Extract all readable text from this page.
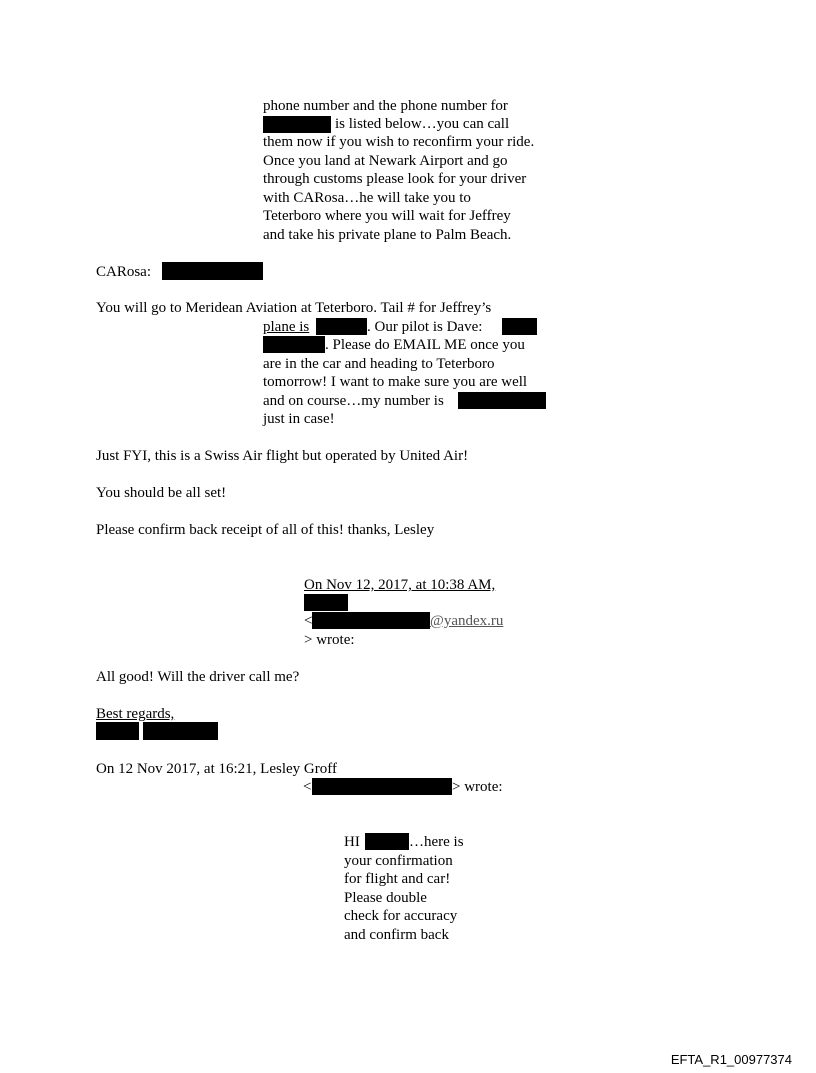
phone number and the phone number for
is listed below…you can call
them now if you wish to reconfirm your ride.
Once you land at Newark Airport and go
through customs please look for your driver
with CARosa…he will take you to
Teterboro where you will wait for Jeffrey
and take his private plane to Palm Beach.
CARosa:
You will go to Meridean Aviation at Teterboro. Tail # for Jeffrey’s
plane is	. Our pilot is Dave:
. Please do EMAIL ME once you
are in the car and heading to Teterboro
tomorrow! I want to make sure you are well
and on course…my number is
just in case!
Just FYI, this is a Swiss Air flight but operated by United Air!
You should be all set!
Please confirm back receipt of all of this! thanks, Lesley
On Nov 12, 2017, at 10:38 AM,
<	@yandex.ru
> wrote:
All good! Will the driver call me?
Best regards,
On 12 Nov 2017, at 16:21, Lesley Groff
<	> wrote:
HI	…here is
your confirmation
for flight and car!
Please double
check for accuracy
and confirm back
EFTA_R1_00977374
